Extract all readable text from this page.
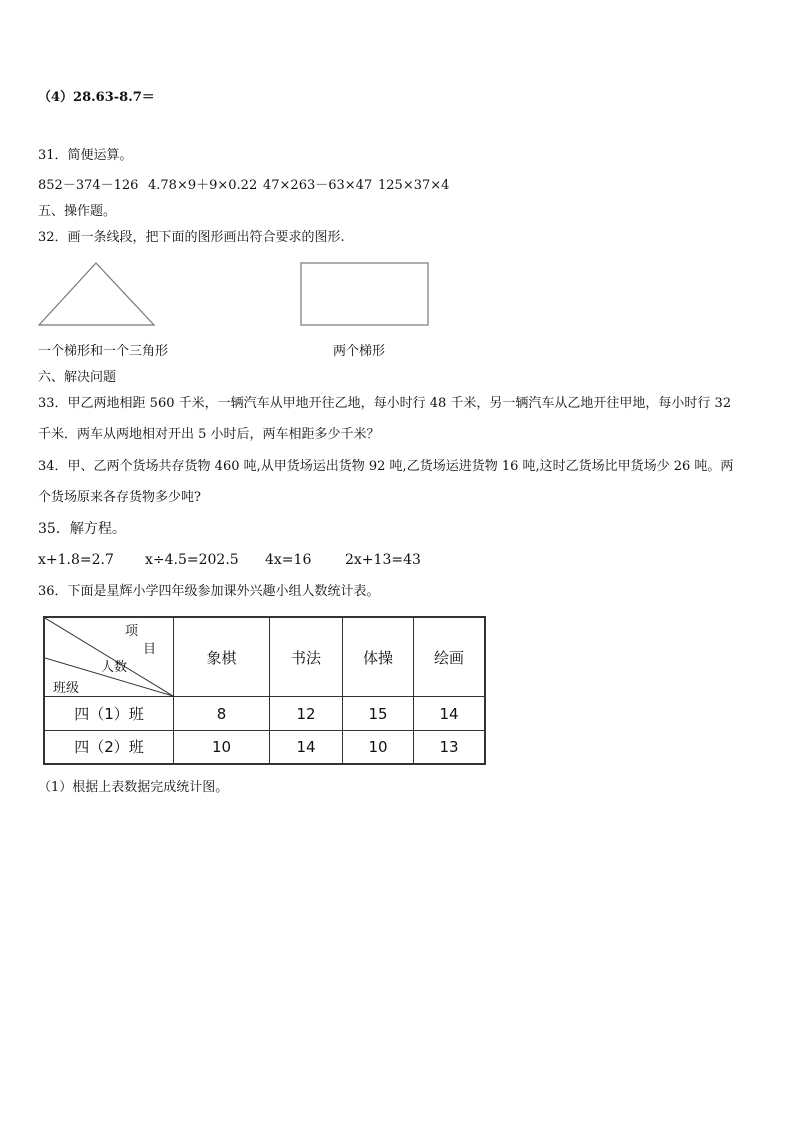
（4）28.63-8.7＝
31．简便运算。
852－374－126 4.78×9＋9×0.22 47×263－63×47 125×37×4
五、操作题。
32．画一条线段，把下面的图形画出符合要求的图形.
一个梯形和一个三角形	两个梯形
六、解决问题
33．甲乙两地相距 560 千米，一辆汽车从甲地开往乙地，每小时行 48 千米，另一辆汽车从乙地开往甲地，每小时行 32
千米．两车从两地相对开出 5 小时后，两车相距多少千米？
34．甲、乙两个货场共存货物 460 吨,从甲货场运出货物 92 吨,乙货场运进货物 16 吨,这时乙货场比甲货场少 26 吨。两
个货场原来各存货物多少吨?
35．解方程。
x+1.8=2.7 x÷4.5=202.5 4x=16 2x+13=43
36．下面是星辉小学四年级参加课外兴趣小组人数统计表。
项
目
人数
班级	象棋	书法	体操	绘画
四（1）班	8	12	15	14
四（2）班	10	14	10	13
（1）根据上表数据完成统计图。
